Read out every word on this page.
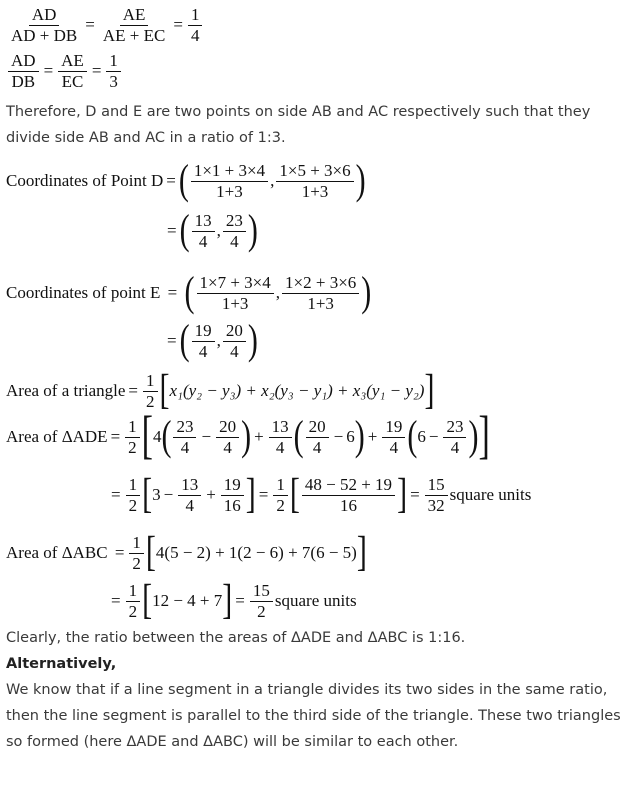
$\frac{AD}{AD + DB} = \frac{AE}{AE + EC} = \frac{1}{4}$
$\frac{AD}{DB} = \frac{AE}{EC} = \frac{1}{3}$
Therefore, D and E are two points on side AB and AC respectively such that they
divide side AB and AC in a ratio of 1:3.
Coordinates of Point D = ( $\frac{1\times 1 + 3\times 4}{1+3}$ , $\frac{1\times 5 + 3\times 6}{1+3}$ )
= ( $\frac{13}{4}$ , $\frac{23}{4}$ )
Coordinates of point E = ( $\frac{1\times 7 + 3\times 4}{1+3}$ , $\frac{1\times 2 + 3\times 6}{1+3}$ )
= ( $\frac{19}{4}$ , $\frac{20}{4}$ )
Area of a triangle = $\frac{1}{2}$ [ x₁(y₂ − y₃) + x₂(y₃ − y₁) + x₃(y₁ − y₂) ]
Area of $\Delta ADE = \frac{1}{2}$ [ 4 ( $\frac{23}{4} - \frac{20}{4}$ ) + $\frac{13}{4}$ ( $\frac{20}{4} - 6$ ) + $\frac{19}{4}$ ( $6 - \frac{23}{4}$ ) ]
= $\frac{1}{2}$ [ $3 - \frac{13}{4} + \frac{19}{16}$ ] = $\frac{1}{2}$ [ $\frac{48 - 52 + 19}{16}$ ] = $\frac{15}{32}$ square units
Area of $\Delta ABC = \frac{1}{2}$ [ 4(5 − 2) + 1(2 − 6) + 7(6 − 5) ]
= $\frac{1}{2}$ [ 12 − 4 + 7 ] = $\frac{15}{2}$ square units
Clearly, the ratio between the areas of ΔADE and ΔABC is 1:16.
Alternatively,
We know that if a line segment in a triangle divides its two sides in the same ratio,
then the line segment is parallel to the third side of the triangle. These two triangles
so formed (here ΔADE and ΔABC) will be similar to each other.
